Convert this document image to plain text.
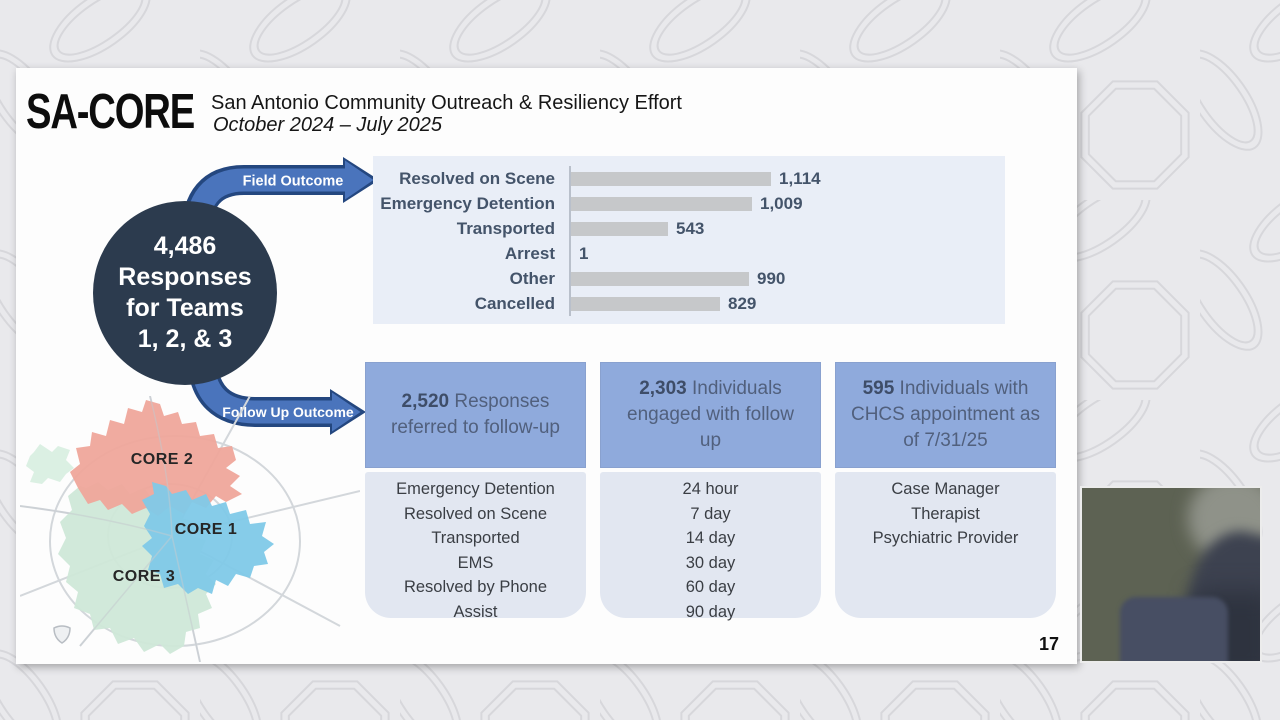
SA-CORE San Antonio Community Outreach & Resiliency Effort
October 2024 – July 2025
Field Outcome
Follow Up Outcome
4,486
Responses
for Teams
1, 2, & 3
Resolved on Scene	1,114
Emergency Detention	1,009
Transported	543
Arrest	1
Other	990
Cancelled	829
2,520 Responses referred to follow-up
Emergency Detention
Resolved on Scene
Transported
EMS
Resolved by Phone Assist
2,303 Individuals engaged with follow up
24 hour
7 day
14 day
30 day
60 day
90 day
595 Individuals with CHCS appointment as of 7/31/25
Case Manager
Therapist
Psychiatric Provider
CORE 2
CORE 1
CORE 3
17
